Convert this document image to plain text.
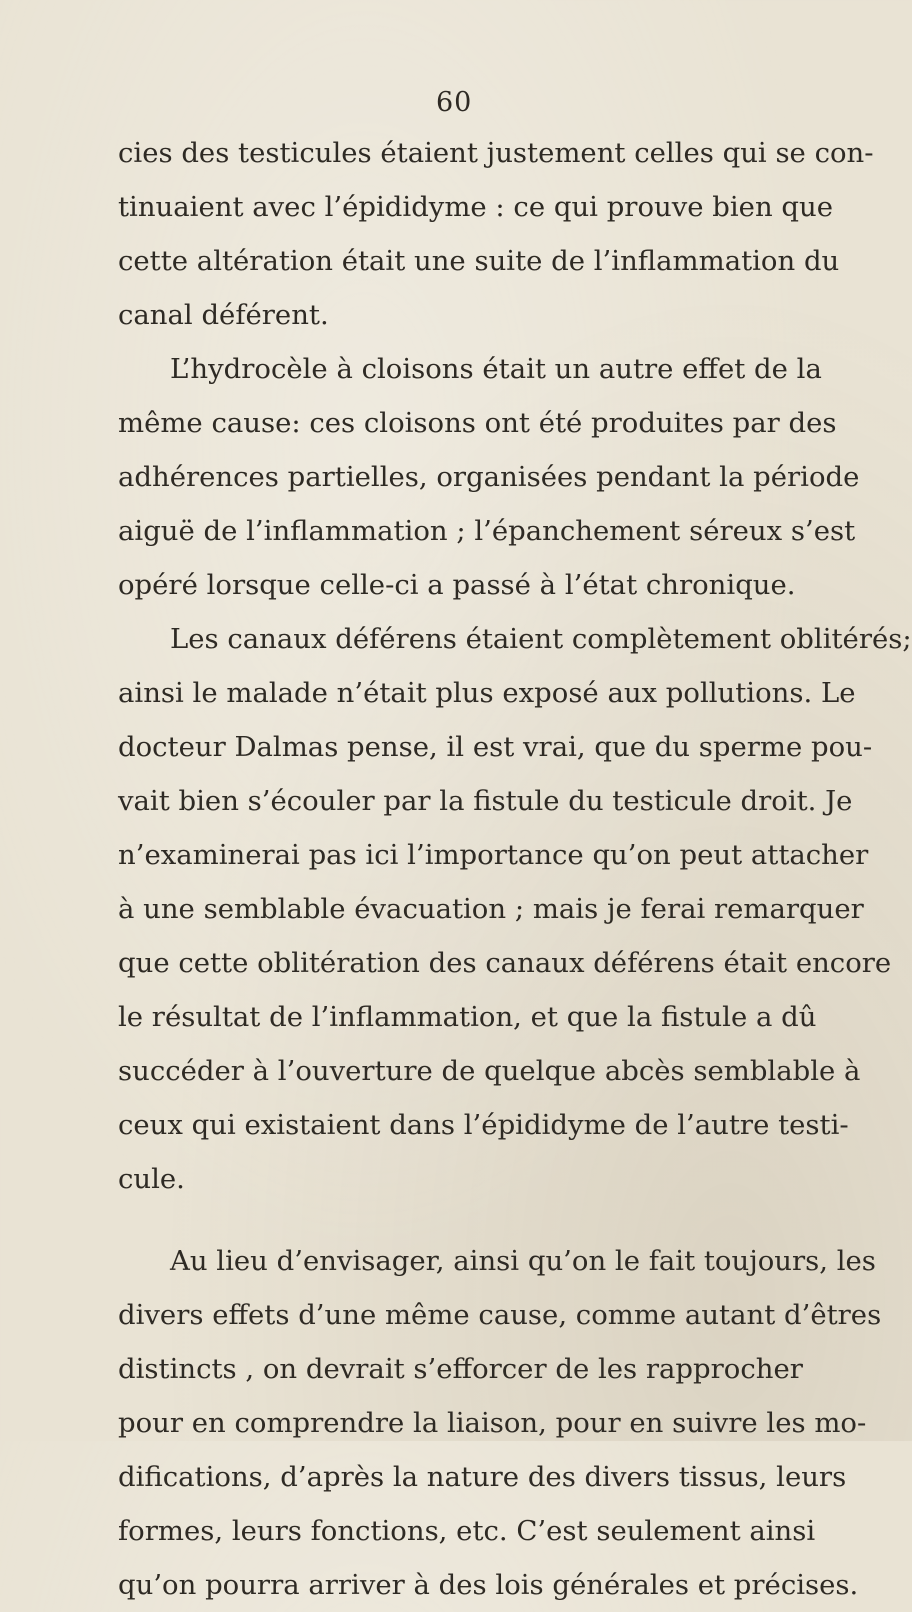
60
cies des testicules étaient justement celles qui se con-
tinuaient avec l’épididyme : ce qui prouve bien que
cette altération était une suite de l’inflammation du
canal déférent.
L’hydrocèle à cloisons était un autre effet de la
même cause: ces cloisons ont été produites par des
adhérences partielles, organisées pendant la période
aiguë de l’inflammation ; l’épanchement séreux s’est
opéré lorsque celle-ci a passé à l’état chronique.
Les canaux déférens étaient complètement oblitérés;
ainsi le malade n’était plus exposé aux pollutions. Le
docteur Dalmas pense, il est vrai, que du sperme pou-
vait bien s’écouler par la fistule du testicule droit. Je
n’examinerai pas ici l’importance qu’on peut attacher
à une semblable évacuation ; mais je ferai remarquer
que cette oblitération des canaux déférens était encore
le résultat de l’inflammation, et que la fistule a dû
succéder à l’ouverture de quelque abcès semblable à
ceux qui existaient dans l’épididyme de l’autre testi-
cule.
Au lieu d’envisager, ainsi qu’on le fait toujours, les
divers effets d’une même cause, comme autant d’êtres
distincts , on devrait s’efforcer de les rapprocher
pour en comprendre la liaison, pour en suivre les mo-
difications, d’après la nature des divers tissus, leurs
formes, leurs fonctions, etc. C’est seulement ainsi
qu’on pourra arriver à des lois générales et précises.
